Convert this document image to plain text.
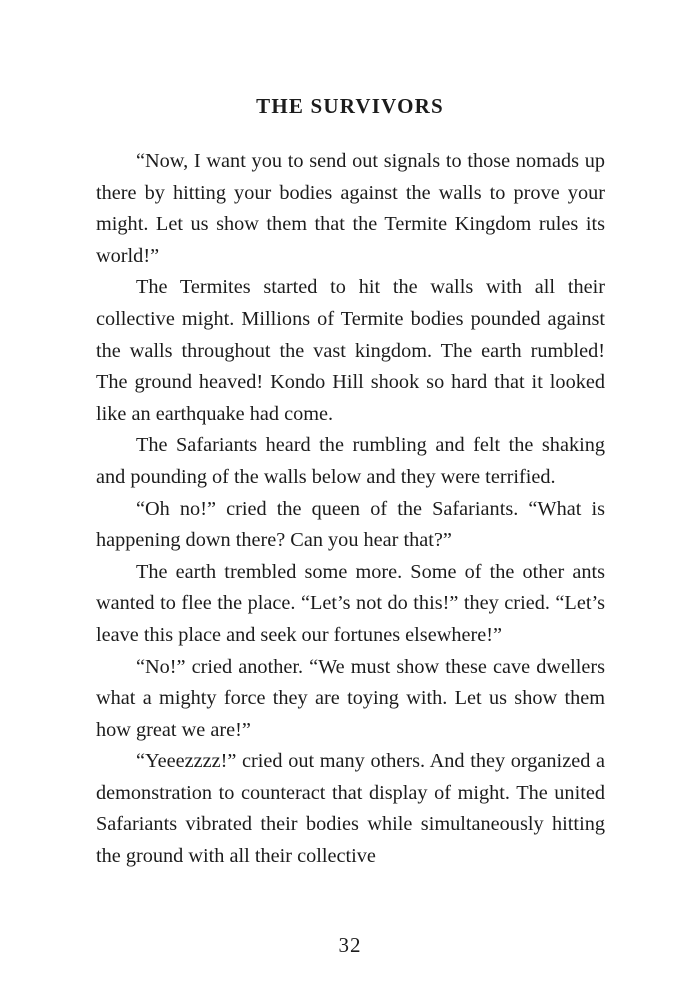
THE SURVIVORS

“Now, I want you to send out signals to those nomads up there by hitting your bodies against the walls to prove your might. Let us show them that the Termite Kingdom rules its world!”

The Termites started to hit the walls with all their collective might. Millions of Termite bodies pounded against the walls throughout the vast kingdom. The earth rumbled! The ground heaved! Kondo Hill shook so hard that it looked like an earthquake had come.

The Safariants heard the rumbling and felt the shaking and pounding of the walls below and they were terrified.

“Oh no!” cried the queen of the Safariants. “What is happening down there? Can you hear that?”

The earth trembled some more. Some of the other ants wanted to flee the place. “Let’s not do this!” they cried. “Let’s leave this place and seek our fortunes elsewhere!”

“No!” cried another. “We must show these cave dwellers what a mighty force they are toying with. Let us show them how great we are!”

“Yeeezzzz!” cried out many others. And they organized a demonstration to counteract that display of might. The united Safariants vibrated their bodies while simultaneously hitting the ground with all their collective

32
